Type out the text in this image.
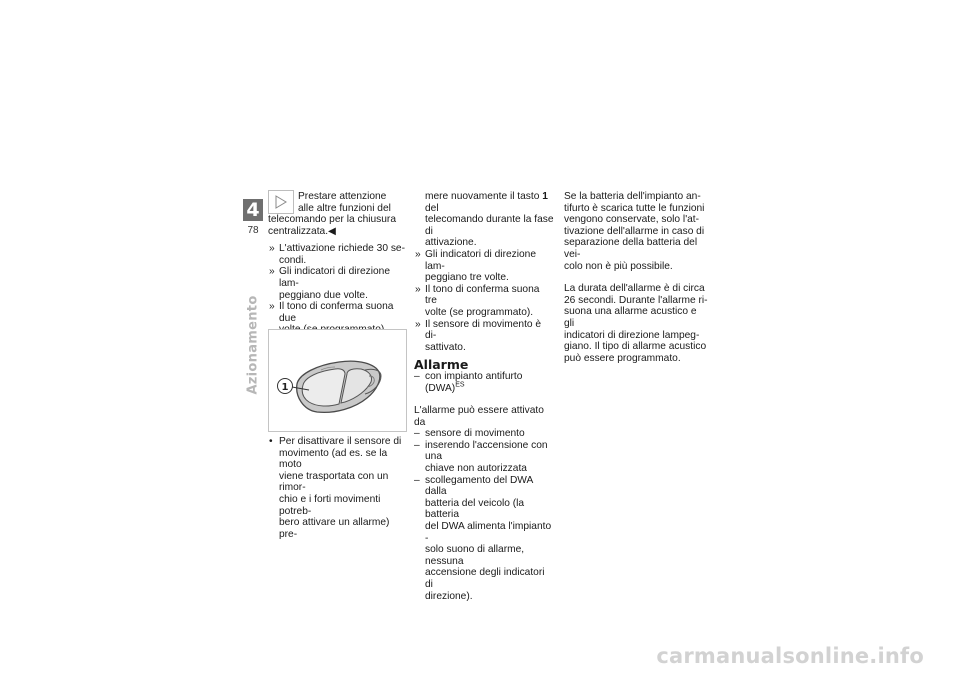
4
78
Azionamento

Prestare attenzione

alle altre funzioni del

telecomando per la chiusura

centralizzata.◀

» L'attivazione richiede 30 se-

condi.

» Gli indicatori di direzione lam-

peggiano due volte.

» Il tono di conferma suona due

»

1

• Per disattivare il sensore di

movimento (ad es. se la moto

viene trasportata con un rimor-

chio e i forti movimenti potreb-

bero attivare un allarme) pre-

mere nuovamente il tasto 1 del

telecomando durante la fase di

attivazione.

» Gli indicatori di direzione lam-

peggiano tre volte.

» Il tono di conferma suona tre

volte (se programmato).

» Il sensore di movimento è di-

sattivato.

Allarme

– con impianto antifurto (DWA)$^{ES}$

L'allarme può essere attivato da

– sensore di movimento

– inserendo l'accensione con una

chiave non autorizzata

– scollegamento del DWA dalla

batteria del veicolo (la batteria

del DWA alimenta l'impianto -

solo suono di allarme, nessuna

accensione degli indicatori di

direzione).

Se la batteria dell'impianto an-

tifurto è scarica tutte le funzioni

vengono conservate, solo l'at-

tivazione dell'allarme in caso di

separazione della batteria del vei-

colo non è più possibile.

La durata dell'allarme è di circa

26 secondi. Durante l'allarme ri-

suona una allarme acustico e gli

indicatori di direzione lampeg-

giano. Il tipo di allarme acustico

può essere programmato.

carmanualsonline.info
